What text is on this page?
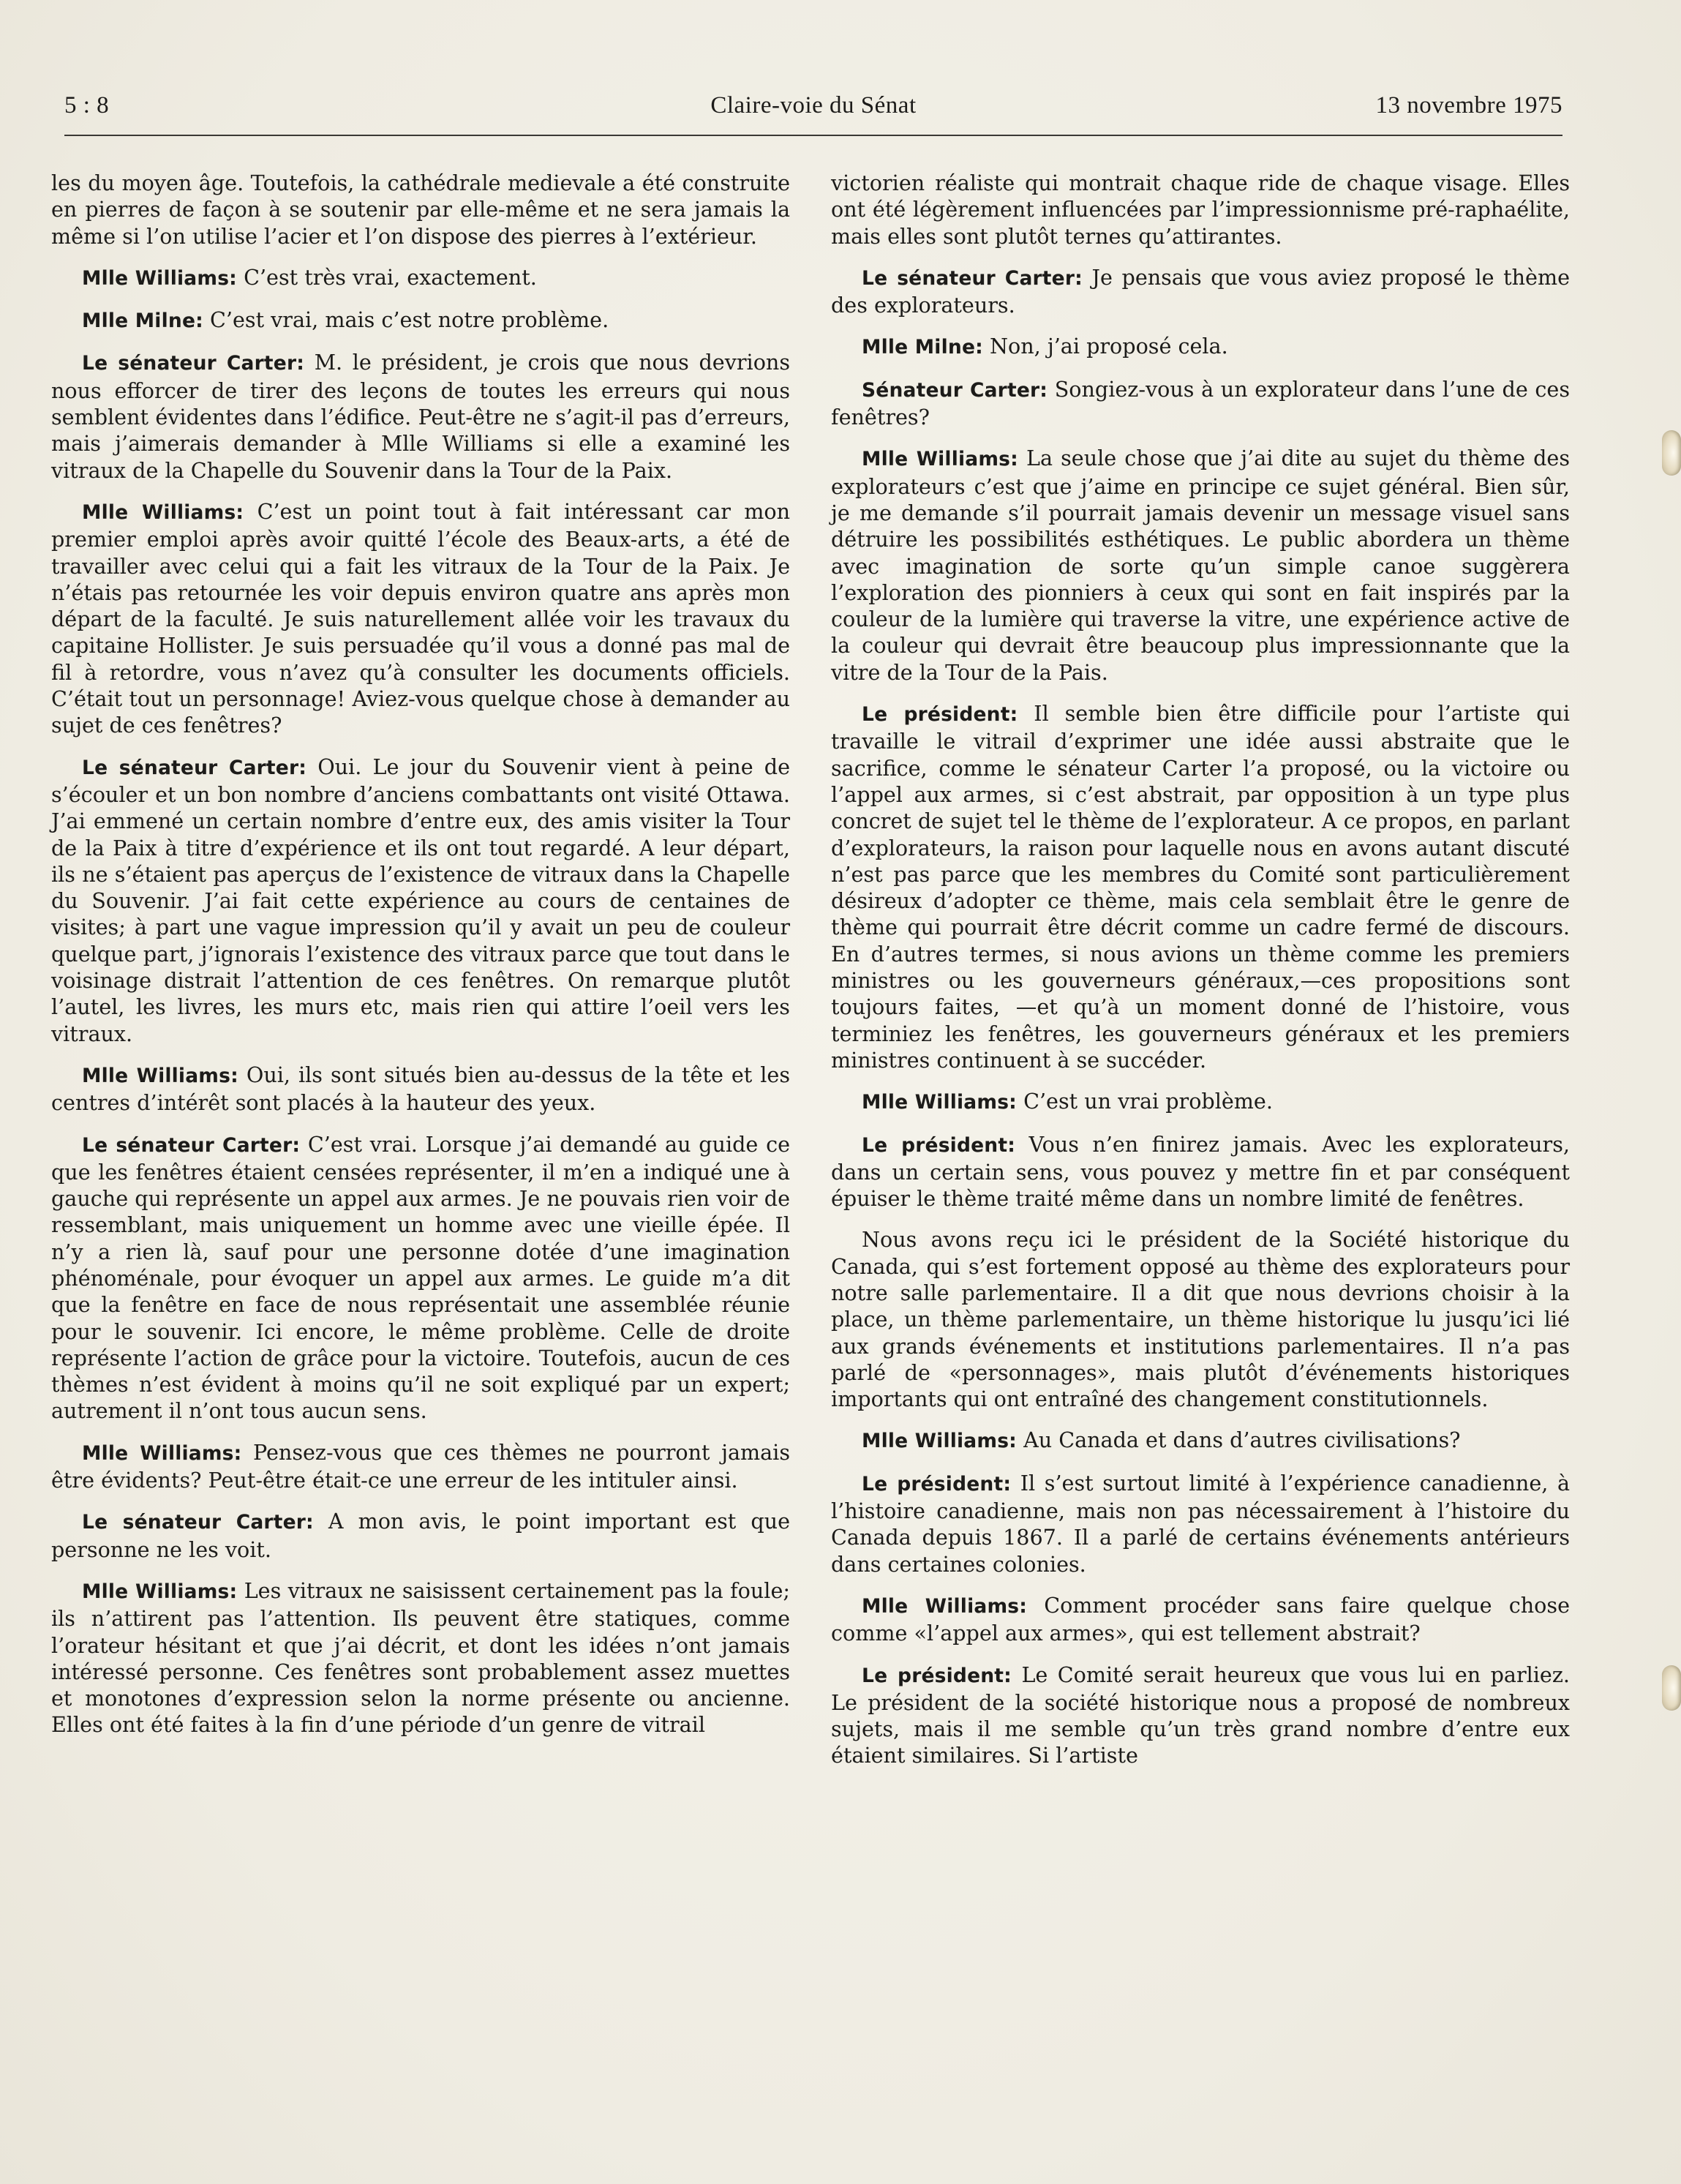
5 : 8	Claire-voie du Sénat	13 novembre 1975

les du moyen âge. Toutefois, la cathédrale medievale a été construite en pierres de façon à se soutenir par elle-même et ne sera jamais la même si l’on utilise l’acier et l’on dispose des pierres à l’extérieur.

Mlle Williams: C’est très vrai, exactement.

Mlle Milne: C’est vrai, mais c’est notre problème.

Le sénateur Carter: M. le président, je crois que nous devrions nous efforcer de tirer des leçons de toutes les erreurs qui nous semblent évidentes dans l’édifice. Peut-être ne s’agit-il pas d’erreurs, mais j’aimerais demander à Mlle Williams si elle a examiné les vitraux de la Chapelle du Souvenir dans la Tour de la Paix.

Mlle Williams: C’est un point tout à fait intéressant car mon premier emploi après avoir quitté l’école des Beaux-arts, a été de travailler avec celui qui a fait les vitraux de la Tour de la Paix. Je n’étais pas retournée les voir depuis environ quatre ans après mon départ de la faculté. Je suis naturellement allée voir les travaux du capitaine Hollister. Je suis persuadée qu’il vous a donné pas mal de fil à retordre, vous n’avez qu’à consulter les documents officiels. C’était tout un personnage! Aviez-vous quelque chose à demander au sujet de ces fenêtres?

Le sénateur Carter: Oui. Le jour du Souvenir vient à peine de s’écouler et un bon nombre d’anciens combattants ont visité Ottawa. J’ai emmené un certain nombre d’entre eux, des amis visiter la Tour de la Paix à titre d’expérience et ils ont tout regardé. A leur départ, ils ne s’étaient pas aperçus de l’existence de vitraux dans la Chapelle du Souvenir. J’ai fait cette expérience au cours de centaines de visites; à part une vague impression qu’il y avait un peu de couleur quelque part, j’ignorais l’existence des vitraux parce que tout dans le voisinage distrait l’attention de ces fenêtres. On remarque plutôt l’autel, les livres, les murs etc, mais rien qui attire l’oeil vers les vitraux.

Mlle Williams: Oui, ils sont situés bien au-dessus de la tête et les centres d’intérêt sont placés à la hauteur des yeux.

Le sénateur Carter: C’est vrai. Lorsque j’ai demandé au guide ce que les fenêtres étaient censées représenter, il m’en a indiqué une à gauche qui représente un appel aux armes. Je ne pouvais rien voir de ressemblant, mais uniquement un homme avec une vieille épée. Il n’y a rien là, sauf pour une personne dotée d’une imagination phénoménale, pour évoquer un appel aux armes. Le guide m’a dit que la fenêtre en face de nous représentait une assemblée réunie pour le souvenir. Ici encore, le même problème. Celle de droite représente l’action de grâce pour la victoire. Toutefois, aucun de ces thèmes n’est évident à moins qu’il ne soit expliqué par un expert; autrement il n’ont tous aucun sens.

Mlle Williams: Pensez-vous que ces thèmes ne pourront jamais être évidents? Peut-être était-ce une erreur de les intituler ainsi.

Le sénateur Carter: A mon avis, le point important est que personne ne les voit.

Mlle Williams: Les vitraux ne saisissent certainement pas la foule; ils n’attirent pas l’attention. Ils peuvent être statiques, comme l’orateur hésitant et que j’ai décrit, et dont les idées n’ont jamais intéressé personne. Ces fenêtres sont probablement assez muettes et monotones d’expression selon la norme présente ou ancienne. Elles ont été faites à la fin d’une période d’un genre de vitrail

victorien réaliste qui montrait chaque ride de chaque visage. Elles ont été légèrement influencées par l’impressionnisme pré-raphaélite, mais elles sont plutôt ternes qu’attirantes.

Le sénateur Carter: Je pensais que vous aviez proposé le thème des explorateurs.

Mlle Milne: Non, j’ai proposé cela.

Sénateur Carter: Songiez-vous à un explorateur dans l’une de ces fenêtres?

Mlle Williams: La seule chose que j’ai dite au sujet du thème des explorateurs c’est que j’aime en principe ce sujet général. Bien sûr, je me demande s’il pourrait jamais devenir un message visuel sans détruire les possibilités esthétiques. Le public abordera un thème avec imagination de sorte qu’un simple canoe suggèrera l’exploration des pionniers à ceux qui sont en fait inspirés par la couleur de la lumière qui traverse la vitre, une expérience active de la couleur qui devrait être beaucoup plus impressionnante que la vitre de la Tour de la Pais.

Le président: Il semble bien être difficile pour l’artiste qui travaille le vitrail d’exprimer une idée aussi abstraite que le sacrifice, comme le sénateur Carter l’a proposé, ou la victoire ou l’appel aux armes, si c’est abstrait, par opposition à un type plus concret de sujet tel le thème de l’explorateur. A ce propos, en parlant d’explorateurs, la raison pour laquelle nous en avons autant discuté n’est pas parce que les membres du Comité sont particulièrement désireux d’adopter ce thème, mais cela semblait être le genre de thème qui pourrait être décrit comme un cadre fermé de discours. En d’autres termes, si nous avions un thème comme les premiers ministres ou les gouverneurs généraux,—ces propositions sont toujours faites, —et qu’à un moment donné de l’histoire, vous terminiez les fenêtres, les gouverneurs généraux et les premiers ministres continuent à se succéder.

Mlle Williams: C’est un vrai problème.

Le président: Vous n’en finirez jamais. Avec les explorateurs, dans un certain sens, vous pouvez y mettre fin et par conséquent épuiser le thème traité même dans un nombre limité de fenêtres.

Nous avons reçu ici le président de la Société historique du Canada, qui s’est fortement opposé au thème des explorateurs pour notre salle parlementaire. Il a dit que nous devrions choisir à la place, un thème parlementaire, un thème historique lu jusqu’ici lié aux grands événements et institutions parlementaires. Il n’a pas parlé de «personnages», mais plutôt d’événements historiques importants qui ont entraîné des changement constitutionnels.

Mlle Williams: Au Canada et dans d’autres civilisations?

Le président: Il s’est surtout limité à l’expérience canadienne, à l’histoire canadienne, mais non pas nécessairement à l’histoire du Canada depuis 1867. Il a parlé de certains événements antérieurs dans certaines colonies.

Mlle Williams: Comment procéder sans faire quelque chose comme «l’appel aux armes», qui est tellement abstrait?

Le président: Le Comité serait heureux que vous lui en parliez. Le président de la société historique nous a proposé de nombreux sujets, mais il me semble qu’un très grand nombre d’entre eux étaient similaires. Si l’artiste
